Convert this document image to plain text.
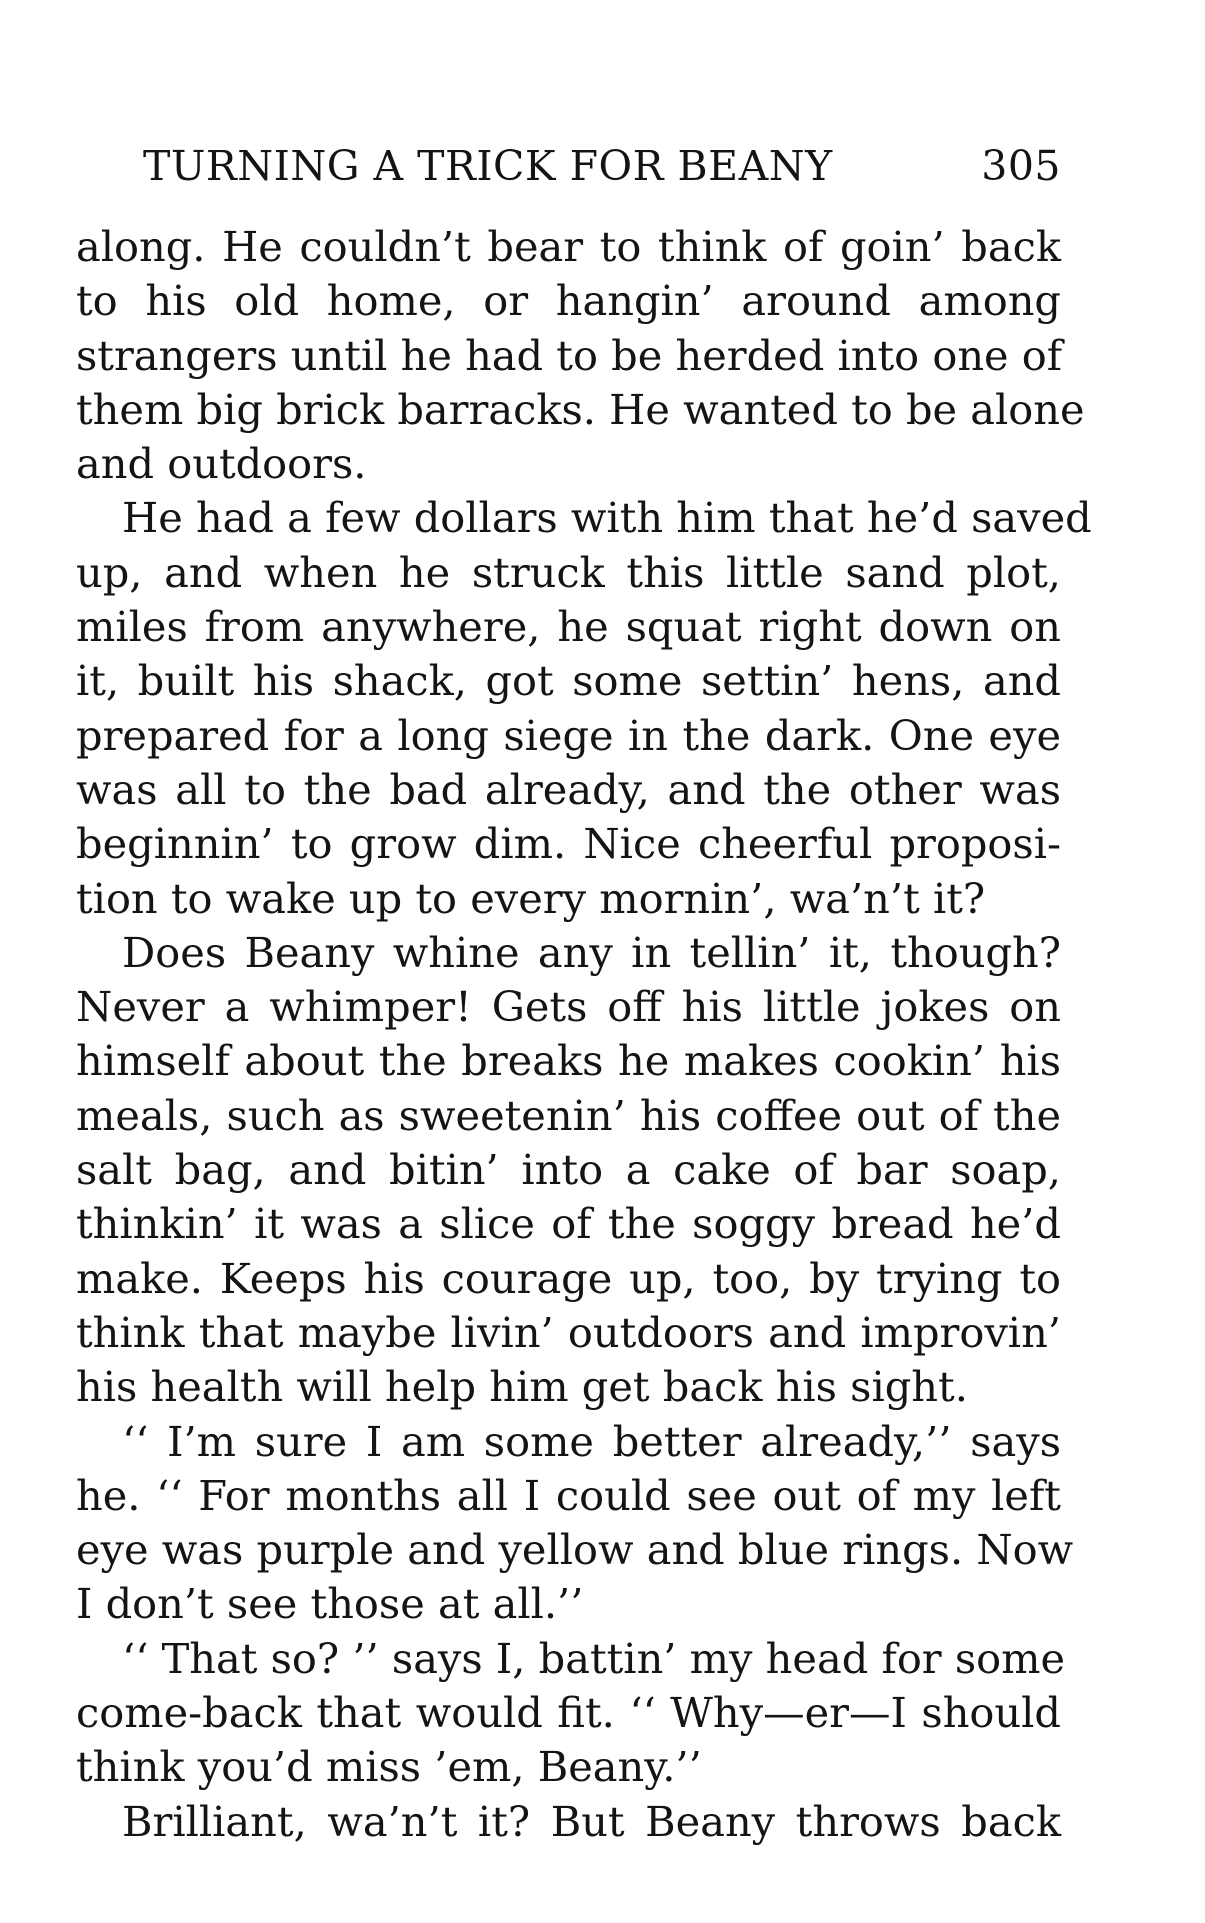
TURNING A TRICK FOR BEANY	305
along. He couldn’t bear to think of goin’ back
to his old home, or hangin’ around among
strangers until he had to be herded into one of
them big brick barracks. He wanted to be alone
and outdoors.
He had a few dollars with him that he’d saved
up, and when he struck this little sand plot,
miles from anywhere, he squat right down on
it, built his shack, got some settin’ hens, and
prepared for a long siege in the dark. One eye
was all to the bad already, and the other was
beginnin’ to grow dim. Nice cheerful proposi-
tion to wake up to every mornin’, wa’n’t it?
Does Beany whine any in tellin’ it, though?
Never a whimper! Gets off his little jokes on
himself about the breaks he makes cookin’ his
meals, such as sweetenin’ his coffee out of the
salt bag, and bitin’ into a cake of bar soap,
thinkin’ it was a slice of the soggy bread he’d
make. Keeps his courage up, too, by trying to
think that maybe livin’ outdoors and improvin’
his health will help him get back his sight.
‘‘ I’m sure I am some better already,’’ says
he. ‘‘ For months all I could see out of my left
eye was purple and yellow and blue rings. Now
I don’t see those at all.’’
‘‘ That so? ’’ says I, battin’ my head for some
come-back that would fit. ‘‘ Why—er—I should
think you’d miss ’em, Beany.’’
Brilliant, wa’n’t it? But Beany throws back
